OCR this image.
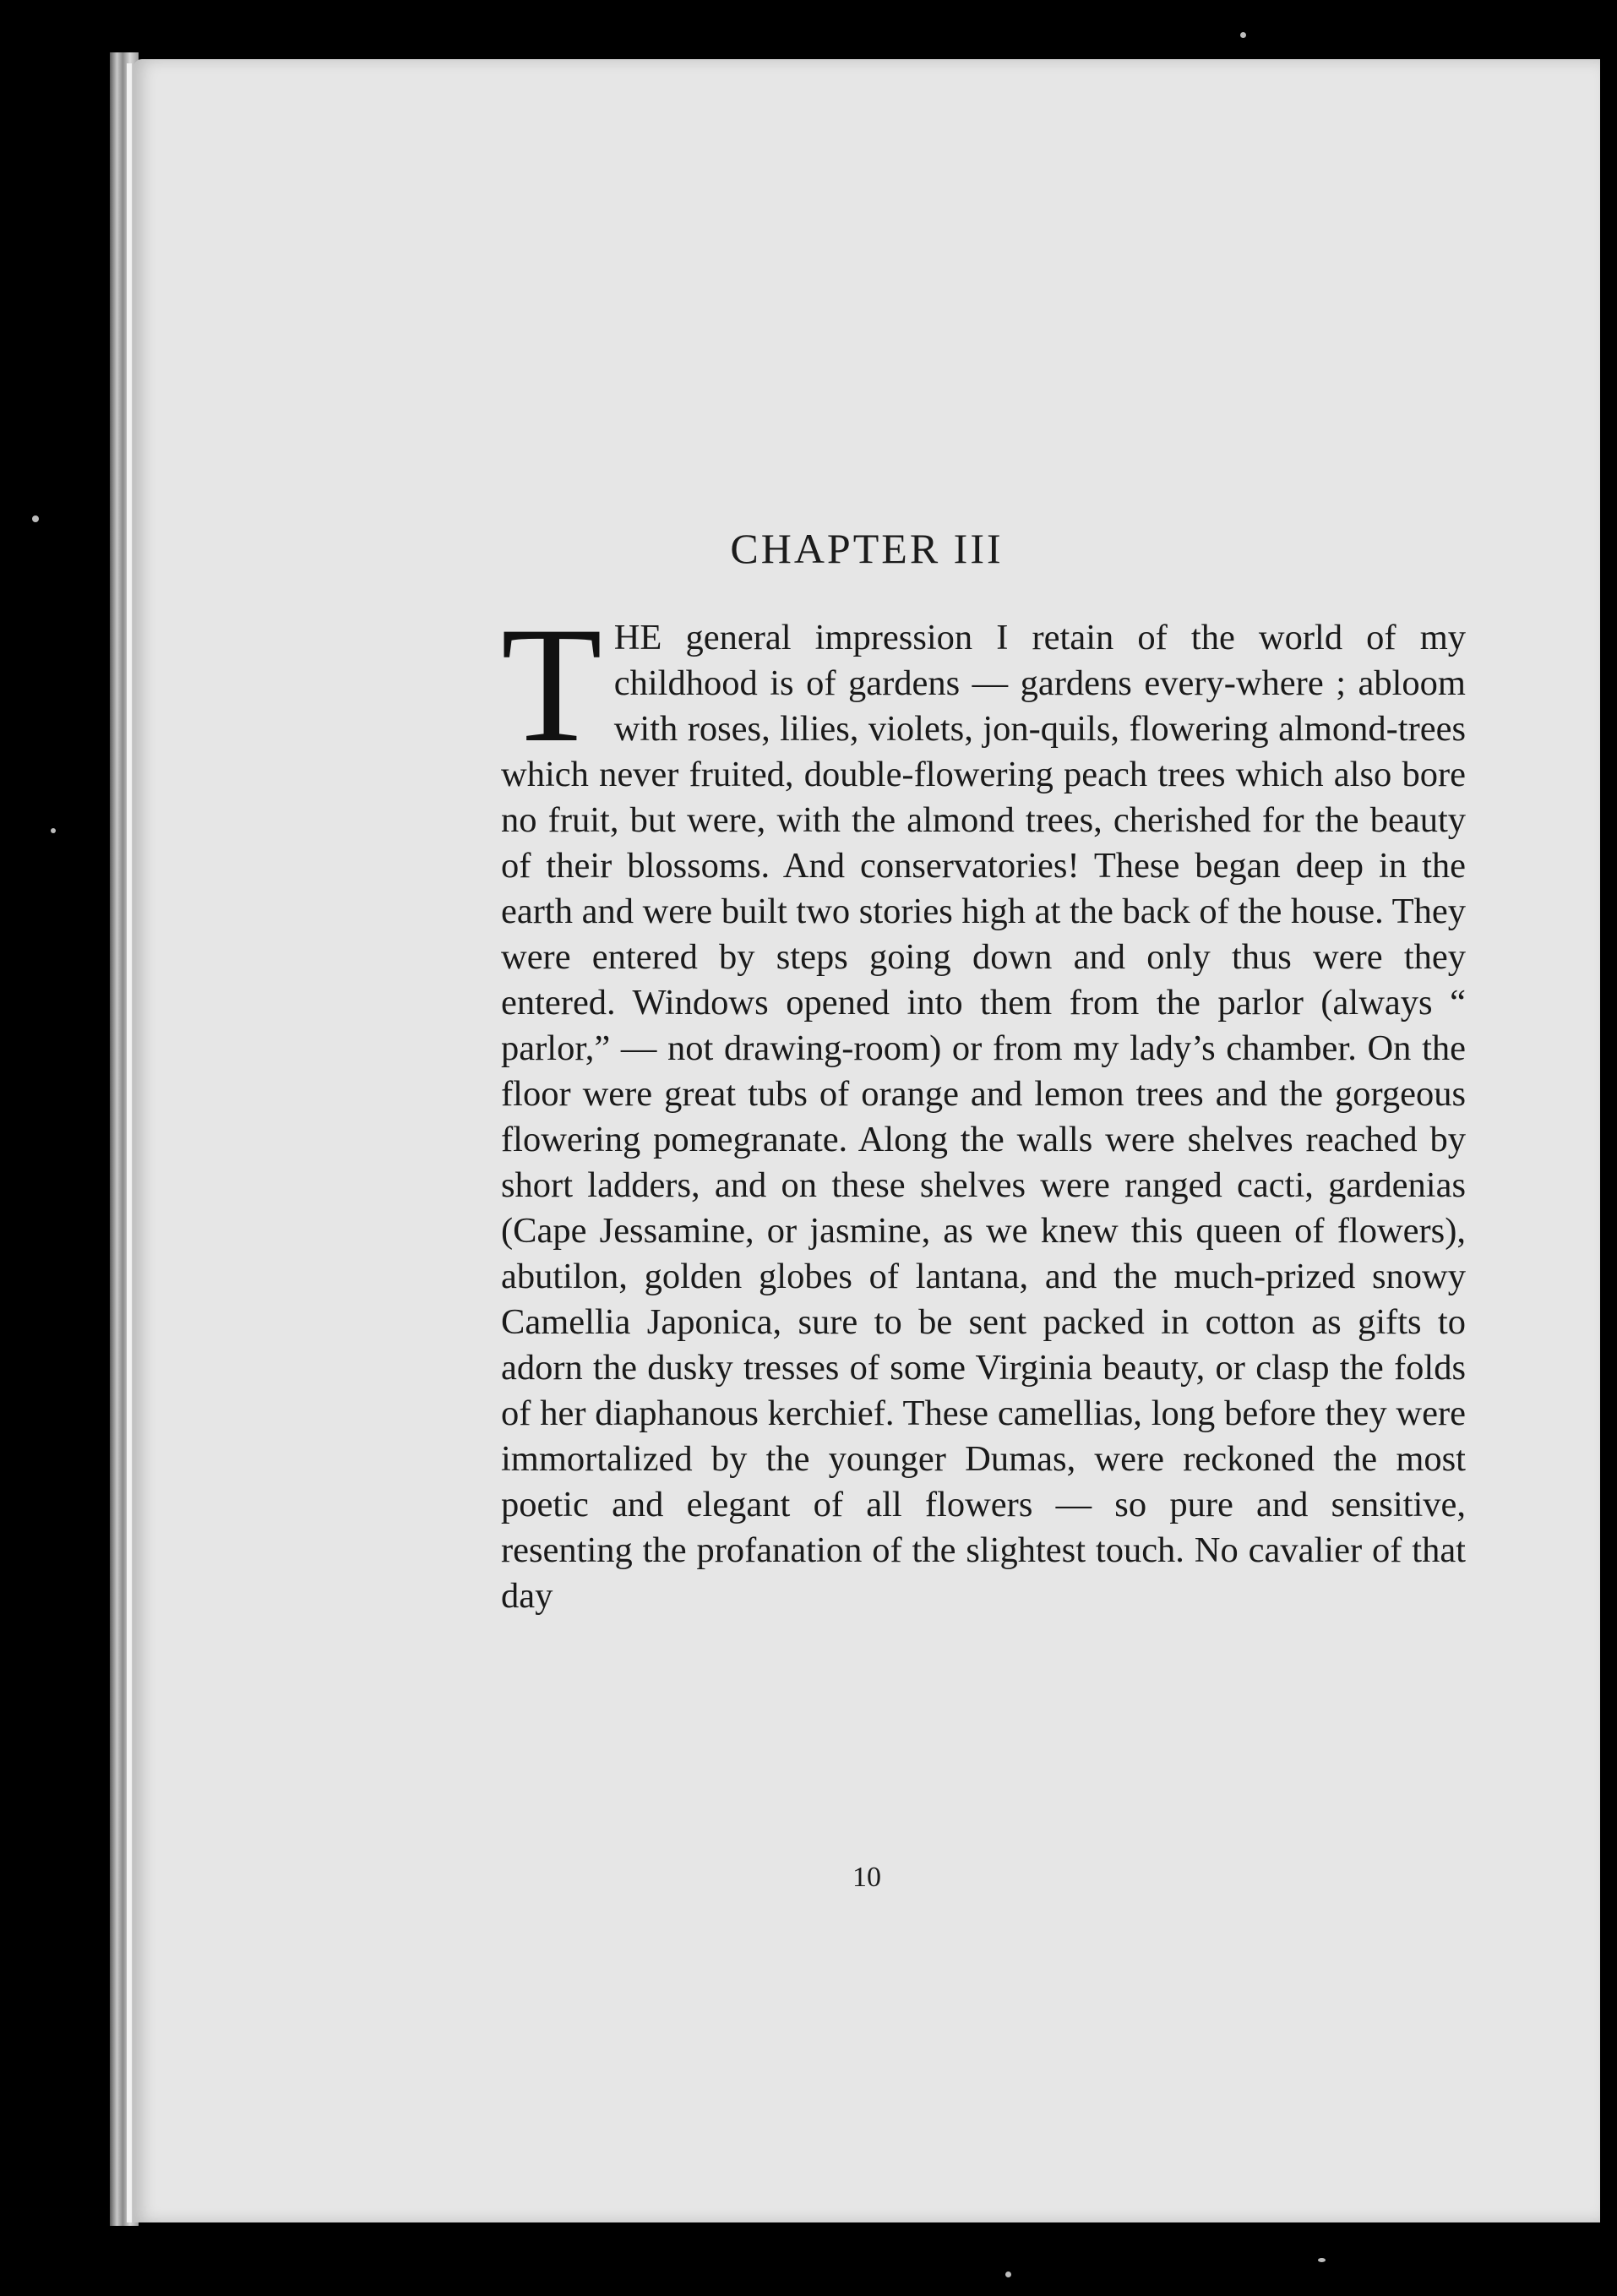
CHAPTER III

THE general impression I retain of the world of my childhood is of gardens — gardens every-where ; abloom with roses, lilies, violets, jon-quils, flowering almond-trees which never fruited, double-flowering peach trees which also bore no fruit, but were, with the almond trees, cherished for the beauty of their blossoms. And conservatories! These began deep in the earth and were built two stories high at the back of the house. They were entered by steps going down and only thus were they entered. Windows opened into them from the parlor (always “ parlor,” — not drawing-room) or from my lady’s chamber. On the floor were great tubs of orange and lemon trees and the gorgeous flowering pomegranate. Along the walls were shelves reached by short ladders, and on these shelves were ranged cacti, gardenias (Cape Jessamine, or jasmine, as we knew this queen of flowers), abutilon, golden globes of lantana, and the much-prized snowy Camellia Japonica, sure to be sent packed in cotton as gifts to adorn the dusky tresses of some Virginia beauty, or clasp the folds of her diaphanous kerchief. These camellias, long before they were immortalized by the younger Dumas, were reckoned the most poetic and elegant of all flowers — so pure and sensitive, resenting the profanation of the slightest touch. No cavalier of that day

10
